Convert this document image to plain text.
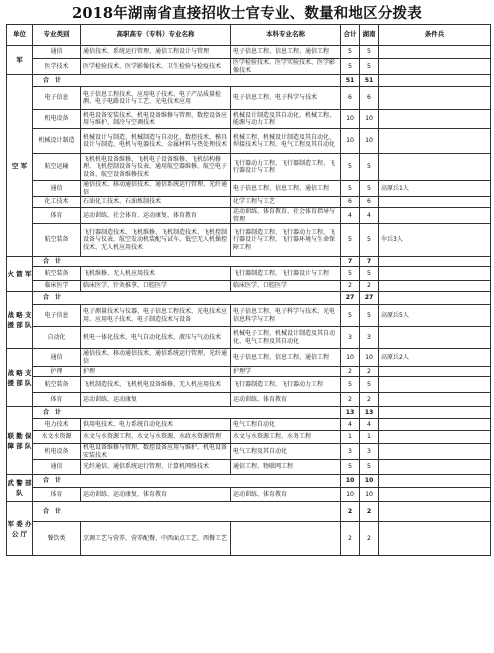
2018年湖南省直接招收士官专业、数量和地区分拨表
单位	专业类别	高职高专（专科）专业名称	本科专业名称	合计	湖南	条件兵
军	通信	通信技术、系统运行管理、通信工程设计与管理	电子信息工程、信息工程、通信工程	5	5	
	医学技术	医学检验技术、医学影像技术、卫生检验与检疫技术	医学检验技术、医学实验技术、医学影像技术	5	5	
空 军	合　计			51	51	
	电子信息	电子信息工程技术、应用电子技术、电子产品质量检测、电子电路设计与工艺、光电技术应用	电子信息工程、电子科学与技术	6	6	
	机电设备	机电设备安装技术、机电设备维修与管理、数控设备应用与维护、制冷与空调技术	机械设计制造及其自动化、机械工程、能源与动力工程	10	10	
	机械设计制造	机械设计与制造、机械制造与自动化、数控技术、模具设计与制造、电机与电器技术、金属材料与热处理技术	机械工程、机械设计制造及其自动化、焊接技术与工程、电气工程及其自动化	10	10	
	航空运输	飞机机电设备维修、飞机电子设备维修、飞机结构修理、飞机控制设备与仪表、通用航空器维修、航空电子设备、航空设备维修技术	飞行器动力工程、飞行器制造工程、飞行器设计与工程	5	5	
	通信	通信技术、移动通信技术、通信系统运行管理、光纤通信	电子信息工程、信息工程、通信工程	5	5	高原兵1人
	化工技术	石油化工技术、石油炼制技术	化学工程与工艺	6	6	
	体育	运动训练、社会体育、运动康复、体育教育	运动训练、体育教育、社会体育指导与管理	4	4	
	航空装备	飞行器制造技术、飞机维修、飞机制造技术、飞机控制设备与仪表、航空发动机装配与试车、低空无人机操控技术、无人机应用技术	飞行器制造工程、飞行器动力工程、飞行器设计与工程、飞行器环境与生命保障工程	5	5	伞兵3人
火 箭 军	合　计			7	7	
	航空装备	飞机维修、无人机应用技术	飞行器制造工程、飞行器设计与工程	5	5	
	临床医学	临床医学、针灸推拿、口腔医学	临床医学、口腔医学	2	2	
战 略 支 援 部 队	合　计			27	27	
	电子信息	电子测量技术与仪器、电子信息工程技术、光电技术应用、应用电子技术、电子制造技术与设备	电子信息工程、电子科学与技术、光电信息科学与工程	5	5	高原兵5人
	自动化	机电一体化技术、电气自动化技术、液压与气动技术	机械电子工程、机械设计制造及其自动化、电气工程及其自动化	3	3	
战 略 支 援 部 队	通信	通信技术、移动通信技术、通信系统运行管理、光纤通信	电子信息工程、信息工程、通信工程	10	10	高原兵2人
	护理	护理	护理学	2	2	
	航空装备	飞机制造技术、飞机机电设备维修、无人机应用技术	飞行器制造工程、飞行器动力工程	5	5	
	体育	运动训练、运动康复	运动训练、体育教育	2	2	
联 勤 保 障 部 队	合　计			13	13	
	电力技术	供用电技术、电力系统自动化技术	电气工程自动化	4	4	
	水文水资源	水文与水资源工程、水文与水资源、水政水资源管理	水文与水资源工程、水务工程	1	1	
	机电设备	机电设备维修与管理、数控设备应用与维护、机电设备安装技术	电气工程及其自动化	3	3	
	通信	光纤通信、通信系统运行管理、计算机网络技术	通信工程、物联网工程	5	5	
武 警 部 队	合　计			10	10	
	体育	运动训练、运动康复、体育教育	运动训练、体育教育	10	10	
军 委 办 公 厅	合　计			2	2	
	餐饮类	烹调工艺与营养、营养配餐、中西面点工艺、西餐工艺		2	2	
